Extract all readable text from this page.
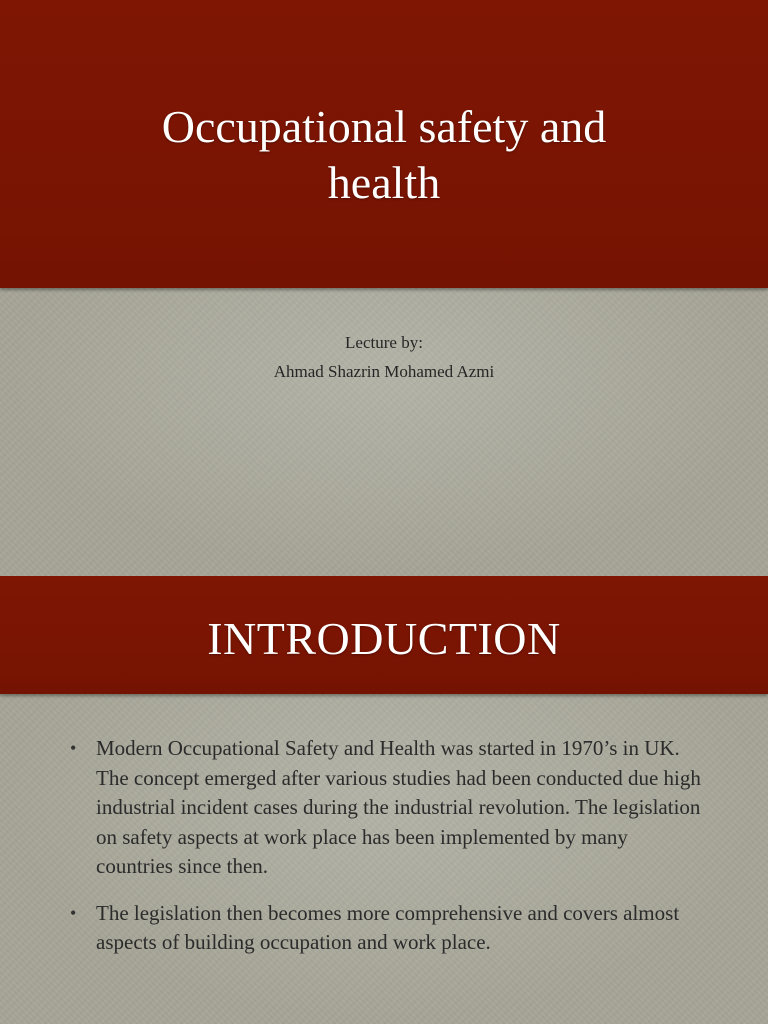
Occupational safety and health
Lecture by:
Ahmad Shazrin Mohamed Azmi
INTRODUCTION
• Modern Occupational Safety and Health was started in 1970’s in UK. The concept emerged after various studies had been conducted due high industrial incident cases during the industrial revolution. The legislation on safety aspects at work place has been implemented by many countries since then.
• The legislation then becomes more comprehensive and covers almost aspects of building occupation and work place.
